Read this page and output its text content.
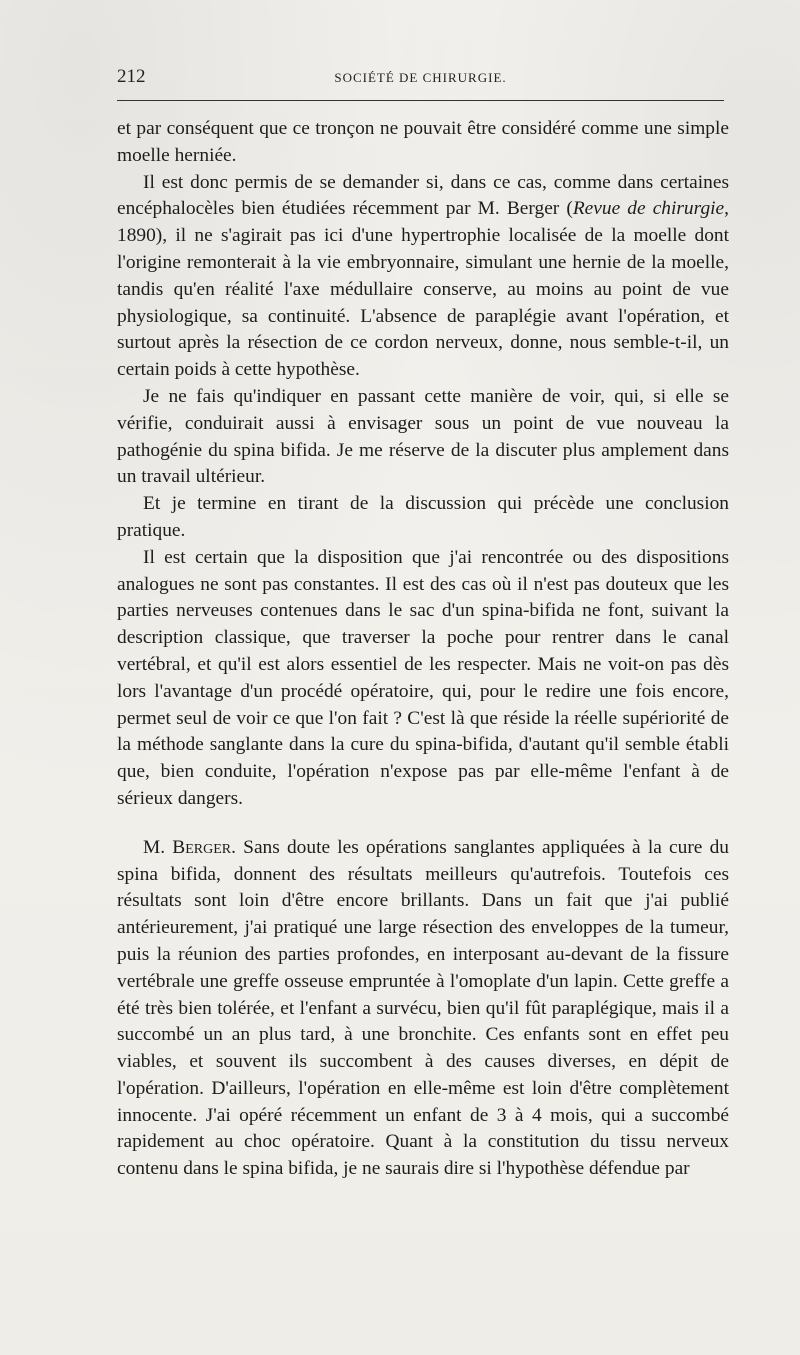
212	SOCIÉTÉ DE CHIRURGIE.

et par conséquent que ce tronçon ne pouvait être considéré comme une simple moelle herniée.

Il est donc permis de se demander si, dans ce cas, comme dans certaines encéphalocèles bien étudiées récemment par M. Berger (Revue de chirurgie, 1890), il ne s'agirait pas ici d'une hypertrophie localisée de la moelle dont l'origine remonterait à la vie embryonnaire, simulant une hernie de la moelle, tandis qu'en réalité l'axe médullaire conserve, au moins au point de vue physiologique, sa continuité. L'absence de paraplégie avant l'opération, et surtout après la résection de ce cordon nerveux, donne, nous semble-t-il, un certain poids à cette hypothèse.

Je ne fais qu'indiquer en passant cette manière de voir, qui, si elle se vérifie, conduirait aussi à envisager sous un point de vue nouveau la pathogénie du spina bifida. Je me réserve de la discuter plus amplement dans un travail ultérieur.

Et je termine en tirant de la discussion qui précède une conclusion pratique.

Il est certain que la disposition que j'ai rencontrée ou des dispositions analogues ne sont pas constantes. Il est des cas où il n'est pas douteux que les parties nerveuses contenues dans le sac d'un spina-bifida ne font, suivant la description classique, que traverser la poche pour rentrer dans le canal vertébral, et qu'il est alors essentiel de les respecter. Mais ne voit-on pas dès lors l'avantage d'un procédé opératoire, qui, pour le redire une fois encore, permet seul de voir ce que l'on fait ? C'est là que réside la réelle supériorité de la méthode sanglante dans la cure du spina-bifida, d'autant qu'il semble établi que, bien conduite, l'opération n'expose pas par elle-même l'enfant à de sérieux dangers.

M. Berger. Sans doute les opérations sanglantes appliquées à la cure du spina bifida, donnent des résultats meilleurs qu'autrefois. Toutefois ces résultats sont loin d'être encore brillants. Dans un fait que j'ai publié antérieurement, j'ai pratiqué une large résection des enveloppes de la tumeur, puis la réunion des parties profondes, en interposant au-devant de la fissure vertébrale une greffe osseuse empruntée à l'omoplate d'un lapin. Cette greffe a été très bien tolérée, et l'enfant a survécu, bien qu'il fût paraplégique, mais il a succombé un an plus tard, à une bronchite. Ces enfants sont en effet peu viables, et souvent ils succombent à des causes diverses, en dépit de l'opération. D'ailleurs, l'opération en elle-même est loin d'être complètement innocente. J'ai opéré récemment un enfant de 3 à 4 mois, qui a succombé rapidement au choc opératoire. Quant à la constitution du tissu nerveux contenu dans le spina bifida, je ne saurais dire si l'hypothèse défendue par
